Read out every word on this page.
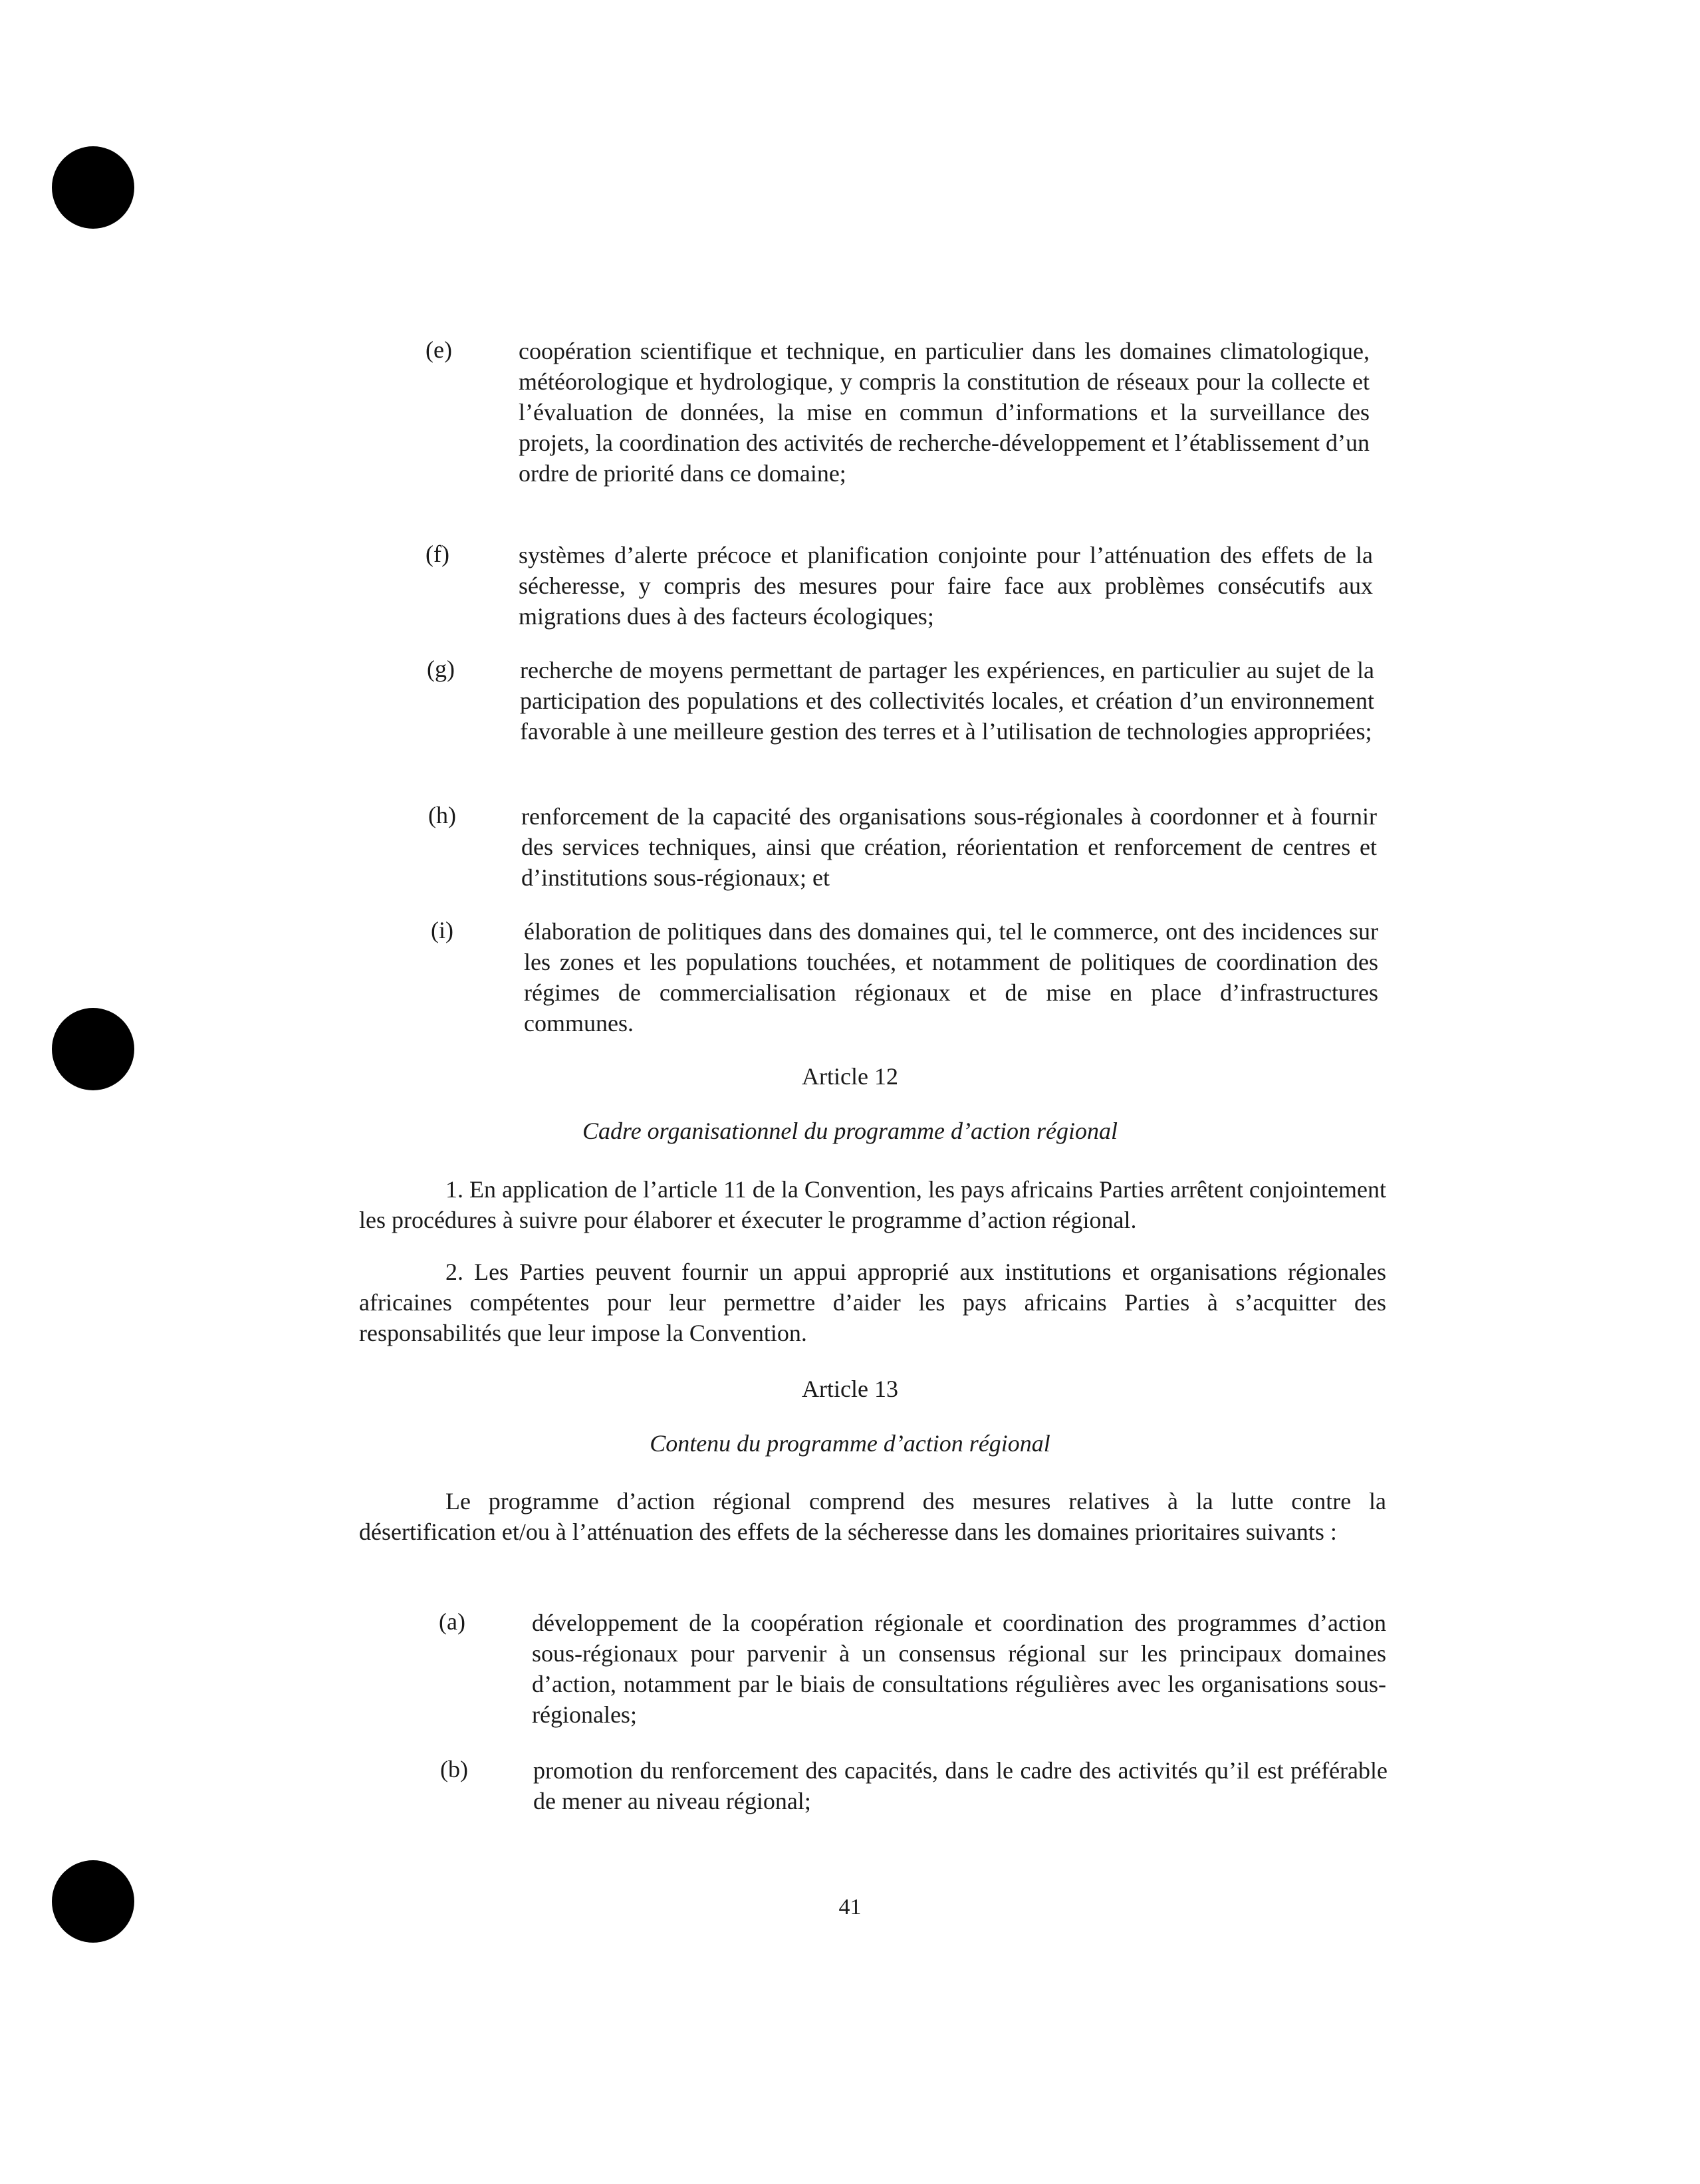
(e)	coopération scientifique et technique, en particulier dans les domaines climatologique, météorologique et hydrologique, y compris la constitution de réseaux pour la collecte et l’évaluation de données, la mise en commun d’informations et la surveillance des projets, la coordination des activités de recherche-développement et l’établissement d’un ordre de priorité dans ce domaine;
(f)	systèmes d’alerte précoce et planification conjointe pour l’atténuation des effets de la sécheresse, y compris des mesures pour faire face aux problèmes consécutifs aux migrations dues à des facteurs écologiques;
(g)	recherche de moyens permettant de partager les expériences, en particulier au sujet de la participation des populations et des collectivités locales, et création d’un environnement favorable à une meilleure gestion des terres et à l’utilisation de technologies appropriées;
(h)	renforcement de la capacité des organisations sous-régionales à coordonner et à fournir des services techniques, ainsi que création, réorientation et renforcement de centres et d’institutions sous-régionaux; et
(i)	élaboration de politiques dans des domaines qui, tel le commerce, ont des incidences sur les zones et les populations touchées, et notamment de politiques de coordination des régimes de commercialisation régionaux et de mise en place d’infrastructures communes.
Article 12
Cadre organisationnel du programme d’action régional
1. En application de l’article 11 de la Convention, les pays africains Parties arrêtent conjointement les procédures à suivre pour élaborer et éxecuter le programme d’action régional.
2. Les Parties peuvent fournir un appui approprié aux institutions et organisations régionales africaines compétentes pour leur permettre d’aider les pays africains Parties à s’acquitter des responsabilités que leur impose la Convention.
Article 13
Contenu du programme d’action régional
Le programme d’action régional comprend des mesures relatives à la lutte contre la désertification et/ou à l’atténuation des effets de la sécheresse dans les domaines prioritaires suivants :
(a)	développement de la coopération régionale et coordination des programmes d’action sous-régionaux pour parvenir à un consensus régional sur les principaux domaines d’action, notamment par le biais de consultations régulières avec les organisations sous-régionales;
(b)	promotion du renforcement des capacités, dans le cadre des activités qu’il est préférable de mener au niveau régional;
41
